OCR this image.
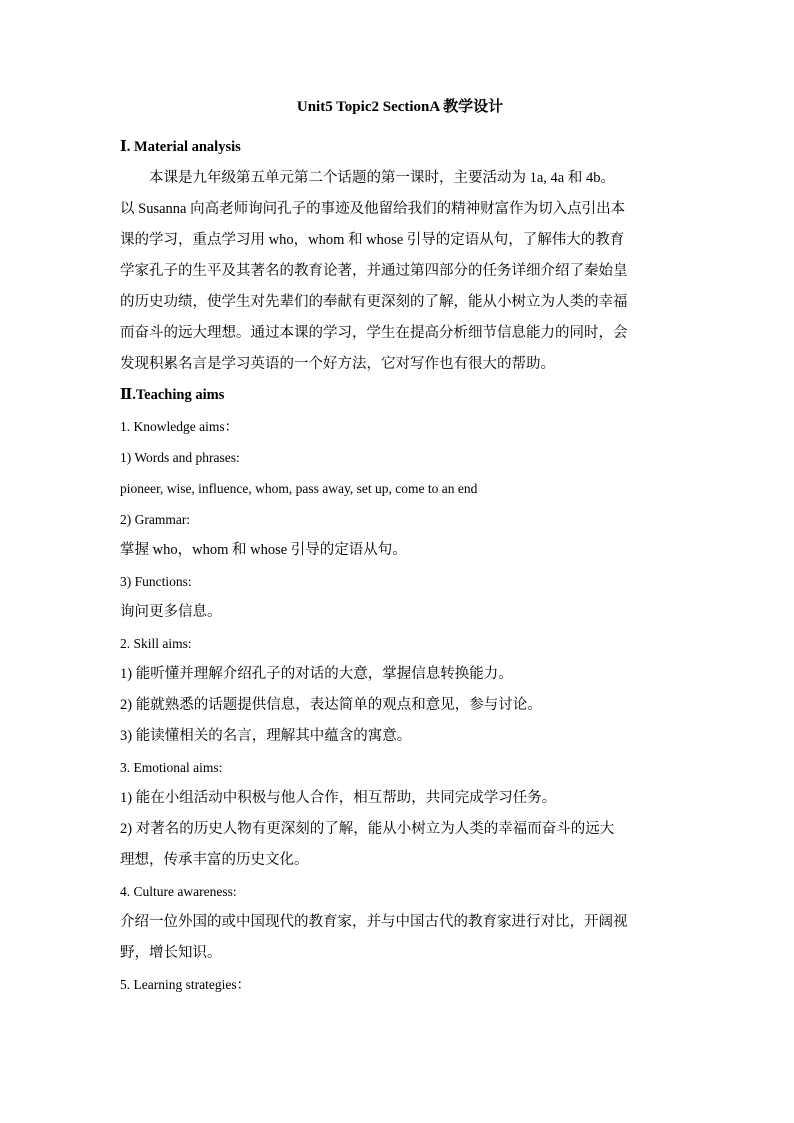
Unit5 Topic2 SectionA 教学设计

Ⅰ. Material analysis

本课是九年级第五单元第二个话题的第一课时，主要活动为 1a, 4a 和 4b。
以 Susanna 向高老师询问孔子的事迹及他留给我们的精神财富作为切入点引出本
课的学习，重点学习用 who，whom 和 whose 引导的定语从句，了解伟大的教育
学家孔子的生平及其著名的教育论著，并通过第四部分的任务详细介绍了秦始皇
的历史功绩，使学生对先辈们的奉献有更深刻的了解，能从小树立为人类的幸福
而奋斗的远大理想。通过本课的学习，学生在提高分析细节信息能力的同时，会
发现积累名言是学习英语的一个好方法，它对写作也有很大的帮助。

Ⅱ.Teaching aims

1. Knowledge aims：

1) Words and phrases:

pioneer, wise, influence, whom, pass away, set up, come to an end

2) Grammar:

掌握 who，whom 和 whose 引导的定语从句。

3) Functions:

询问更多信息。

2. Skill aims:

1) 能听懂并理解介绍孔子的对话的大意，掌握信息转换能力。

2) 能就熟悉的话题提供信息，表达简单的观点和意见，参与讨论。

3) 能读懂相关的名言，理解其中蕴含的寓意。

3. Emotional aims:

1) 能在小组活动中积极与他人合作，相互帮助，共同完成学习任务。

2) 对著名的历史人物有更深刻的了解，能从小树立为人类的幸福而奋斗的远大

理想，传承丰富的历史文化。

4. Culture awareness:

介绍一位外国的或中国现代的教育家，并与中国古代的教育家进行对比，开阔视

野，增长知识。

5. Learning strategies：
